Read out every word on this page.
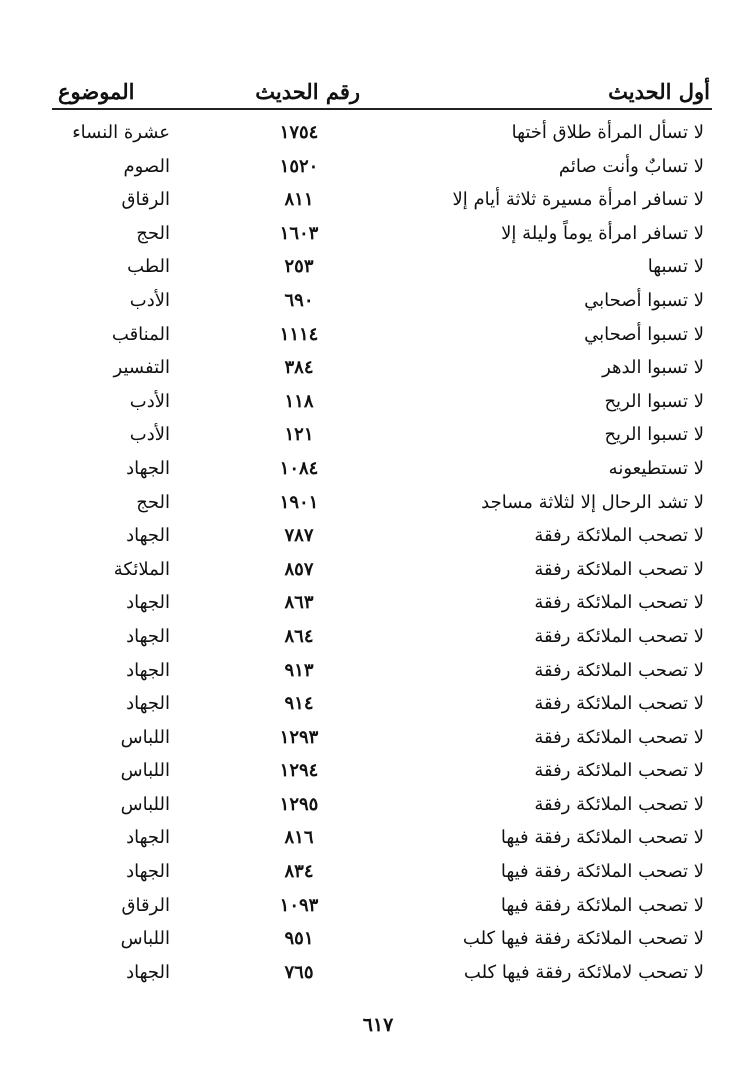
أول الحديث
رقم الحديث
الموضوع
لا تسأل المرأة طلاق أختها
١٧٥٤
عشرة النساء
لا تسابٌ وأنت صائم
١٥٢٠
الصوم
لا تسافر امرأة مسيرة ثلاثة أيام إلا
٨١١
الرقاق
لا تسافر امرأة يوماً وليلة إلا
١٦٠٣
الحج
لا تسبها
٢٥٣
الطب
لا تسبوا أصحابي
٦٩٠
الأدب
لا تسبوا أصحابي
١١١٤
المناقب
لا تسبوا الدهر
٣٨٤
التفسير
لا تسبوا الريح
١١٨
الأدب
لا تسبوا الريح
١٢١
الأدب
لا تستطيعونه
١٠٨٤
الجهاد
لا تشد الرحال إلا لثلاثة مساجد
١٩٠١
الحج
لا تصحب الملائكة رفقة
٧٨٧
الجهاد
لا تصحب الملائكة رفقة
٨٥٧
الملائكة
لا تصحب الملائكة رفقة
٨٦٣
الجهاد
لا تصحب الملائكة رفقة
٨٦٤
الجهاد
لا تصحب الملائكة رفقة
٩١٣
الجهاد
لا تصحب الملائكة رفقة
٩١٤
الجهاد
لا تصحب الملائكة رفقة
١٢٩٣
اللباس
لا تصحب الملائكة رفقة
١٢٩٤
اللباس
لا تصحب الملائكة رفقة
١٢٩٥
اللباس
لا تصحب الملائكة رفقة فيها
٨١٦
الجهاد
لا تصحب الملائكة رفقة فيها
٨٣٤
الجهاد
لا تصحب الملائكة رفقة فيها
١٠٩٣
الرقاق
لا تصحب الملائكة رفقة فيها كلب
٩٥١
اللباس
لا تصحب لاملائكة رفقة فيها كلب
٧٦٥
الجهاد
٦١٧
